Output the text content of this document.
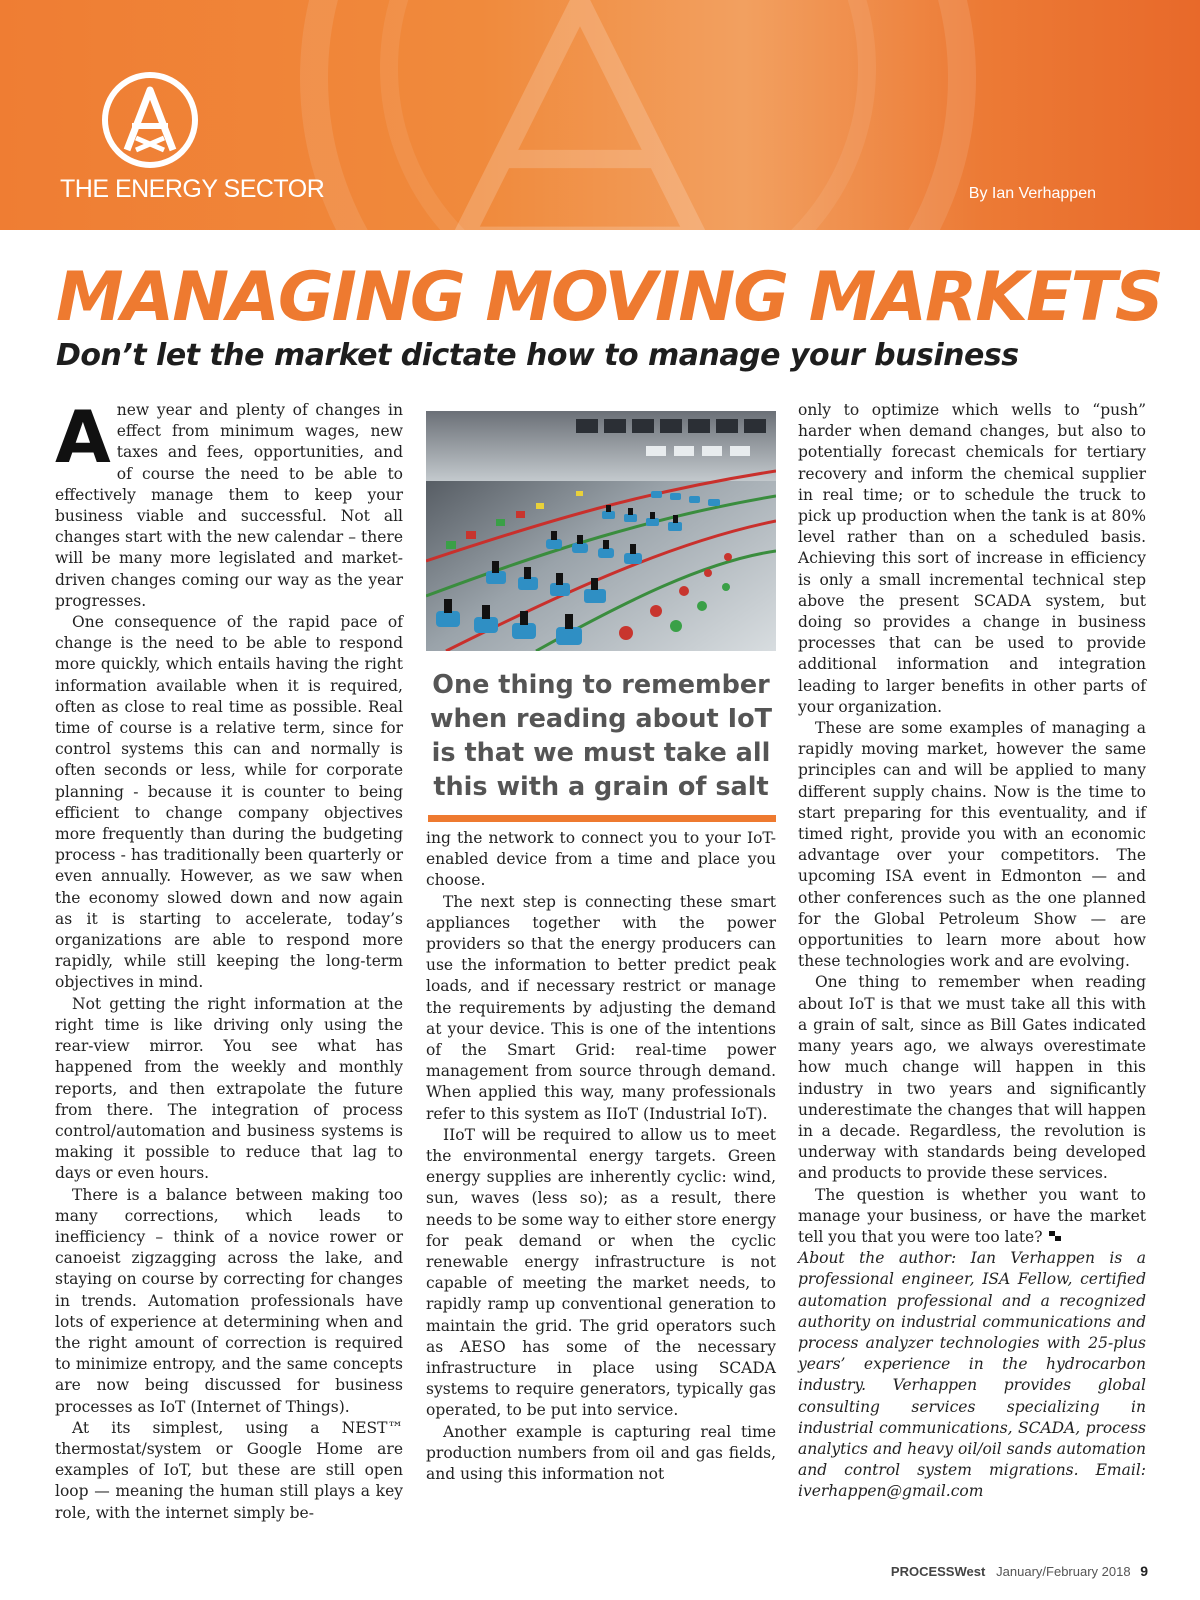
THE ENERGY SECTOR	By Ian Verhappen
MANAGING MOVING MARKETS
Don’t let the market dictate how to manage your business
A new year and plenty of changes in effect from minimum wages, new taxes and fees, opportunities, and of course the need to be able to effectively manage them to keep your business viable and successful. Not all changes start with the new calendar – there will be many more legislated and market-driven changes coming our way as the year progresses.

One consequence of the rapid pace of change is the need to be able to respond more quickly, which entails having the right information available when it is required, often as close to real time as possible. Real time of course is a relative term, since for control systems this can and normally is often seconds or less, while for corporate planning - because it is counter to being efficient to change company objectives more frequently than during the budgeting process - has traditionally been quarterly or even annually. However, as we saw when the economy slowed down and now again as it is starting to accelerate, today’s organizations are able to respond more rapidly, while still keeping the long-term objectives in mind.

Not getting the right information at the right time is like driving only using the rear-view mirror. You see what has happened from the weekly and monthly reports, and then extrapolate the future from there. The integration of process control/automation and business systems is making it possible to reduce that lag to days or even hours.

There is a balance between making too many corrections, which leads to inefficiency – think of a novice rower or canoeist zigzagging across the lake, and staying on course by correcting for changes in trends. Automation professionals have lots of experience at determining when and the right amount of correction is required to minimize entropy, and the same concepts are now being discussed for business processes as IoT (Internet of Things).

At its simplest, using a NEST™ thermostat/system or Google Home are examples of IoT, but these are still open loop — meaning the human still plays a key role, with the internet simply be-

One thing to remember when reading about IoT is that we must take all this with a grain of salt

ing the network to connect you to your IoT-enabled device from a time and place you choose.

The next step is connecting these smart appliances together with the power providers so that the energy producers can use the information to better predict peak loads, and if necessary restrict or manage the requirements by adjusting the demand at your device. This is one of the intentions of the Smart Grid: real-time power management from source through demand. When applied this way, many professionals refer to this system as IIoT (Industrial IoT).

IIoT will be required to allow us to meet the environmental energy targets. Green energy supplies are inherently cyclic: wind, sun, waves (less so); as a result, there needs to be some way to either store energy for peak demand or when the cyclic renewable energy infrastructure is not capable of meeting the market needs, to rapidly ramp up conventional generation to maintain the grid. The grid operators such as AESO has some of the necessary infrastructure in place using SCADA systems to require generators, typically gas operated, to be put into service.

Another example is capturing real time production numbers from oil and gas fields, and using this information not

only to optimize which wells to “push” harder when demand changes, but also to potentially forecast chemicals for tertiary recovery and inform the chemical supplier in real time; or to schedule the truck to pick up production when the tank is at 80% level rather than on a scheduled basis. Achieving this sort of increase in efficiency is only a small incremental technical step above the present SCADA system, but doing so provides a change in business processes that can be used to provide additional information and integration leading to larger benefits in other parts of your organization.

These are some examples of managing a rapidly moving market, however the same principles can and will be applied to many different supply chains. Now is the time to start preparing for this eventuality, and if timed right, provide you with an economic advantage over your competitors. The upcoming ISA event in Edmonton — and other conferences such as the one planned for the Global Petroleum Show — are opportunities to learn more about how these technologies work and are evolving.

One thing to remember when reading about IoT is that we must take all this with a grain of salt, since as Bill Gates indicated many years ago, we always overestimate how much change will happen in this industry in two years and significantly underestimate the changes that will happen in a decade. Regardless, the revolution is underway with standards being developed and products to provide these services.

The question is whether you want to manage your business, or have the market tell you that you were too late?

About the author: Ian Verhappen is a professional engineer, ISA Fellow, certified automation professional and a recognized authority on industrial communications and process analyzer technologies with 25-plus years’ experience in the hydrocarbon industry. Verhappen provides global consulting services specializing in industrial communications, SCADA, process analytics and heavy oil/oil sands automation and control system migrations. Email: iverhappen@gmail.com

PROCESSWest January/February 2018 9
